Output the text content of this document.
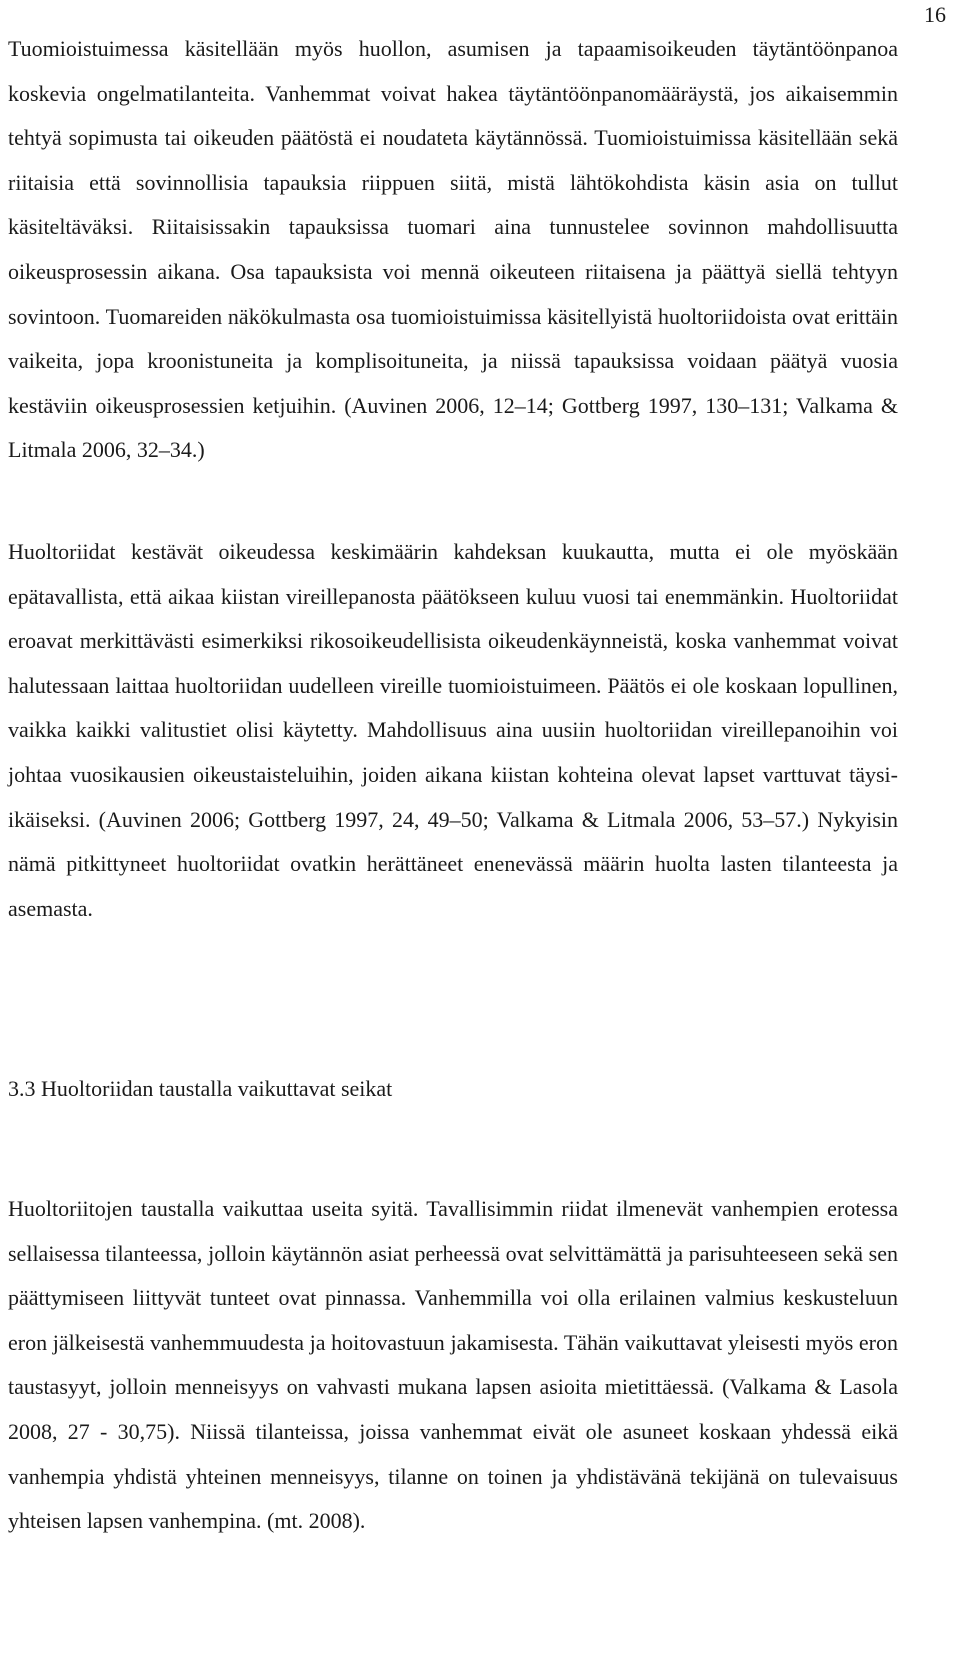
16

Tuomioistuimessa käsitellään myös huollon, asumisen ja tapaamisoikeuden täytäntöönpanoa koskevia ongelmatilanteita. Vanhemmat voivat hakea täytäntöönpanomääräystä, jos aikaisemmin tehtyä sopimusta tai oikeuden päätöstä ei noudateta käytännössä. Tuomioistuimissa käsitellään sekä riitaisia että sovinnollisia tapauksia riippuen siitä, mistä lähtökohdista käsin asia on tullut käsiteltäväksi. Riitaisissakin tapauksissa tuomari aina tunnustelee sovinnon mahdollisuutta oikeusprosessin aikana. Osa tapauksista voi mennä oikeuteen riitaisena ja päättyä siellä tehtyyn sovintoon. Tuomareiden näkökulmasta osa tuomioistuimissa käsitellyistä huoltoriidoista ovat erittäin vaikeita, jopa kroonistuneita ja komplisoituneita, ja niissä tapauksissa voidaan päätyä vuosia kestäviin oikeusprosessien ketjuihin. (Auvinen 2006, 12–14; Gottberg 1997, 130–131; Valkama & Litmala 2006, 32–34.)

Huoltoriidat kestävät oikeudessa keskimäärin kahdeksan kuukautta, mutta ei ole myöskään epätavallista, että aikaa kiistan vireillepanosta päätökseen kuluu vuosi tai enemmänkin. Huoltoriidat eroavat merkittävästi esimerkiksi rikosoikeudellisista oikeudenkäynneistä, koska vanhemmat voivat halutessaan laittaa huoltoriidan uudelleen vireille tuomioistuimeen. Päätös ei ole koskaan lopullinen, vaikka kaikki valitustiet olisi käytetty. Mahdollisuus aina uusiin huoltoriidan vireillepanoihin voi johtaa vuosikausien oikeustaisteluihin, joiden aikana kiistan kohteina olevat lapset varttuvat täysi-ikäiseksi. (Auvinen 2006; Gottberg 1997, 24, 49–50; Valkama & Litmala 2006, 53–57.) Nykyisin nämä pitkittyneet huoltoriidat ovatkin herättäneet enenevässä määrin huolta lasten tilanteesta ja asemasta.

3.3 Huoltoriidan taustalla vaikuttavat seikat

Huoltoriitojen taustalla vaikuttaa useita syitä. Tavallisimmin riidat ilmenevät vanhempien erotessa sellaisessa tilanteessa, jolloin käytännön asiat perheessä ovat selvittämättä ja parisuhteeseen sekä sen päättymiseen liittyvät tunteet ovat pinnassa. Vanhemmilla voi olla erilainen valmius keskusteluun eron jälkeisestä vanhemmuudesta ja hoitovastuun jakamisesta. Tähän vaikuttavat yleisesti myös eron taustasyyt, jolloin menneisyys on vahvasti mukana lapsen asioita mietittäessä. (Valkama & Lasola 2008, 27 - 30,75). Niissä tilanteissa, joissa vanhemmat eivät ole asuneet koskaan yhdessä eikä vanhempia yhdistä yhteinen menneisyys, tilanne on toinen ja yhdistävänä tekijänä on tulevaisuus yhteisen lapsen vanhempina. (mt. 2008).
